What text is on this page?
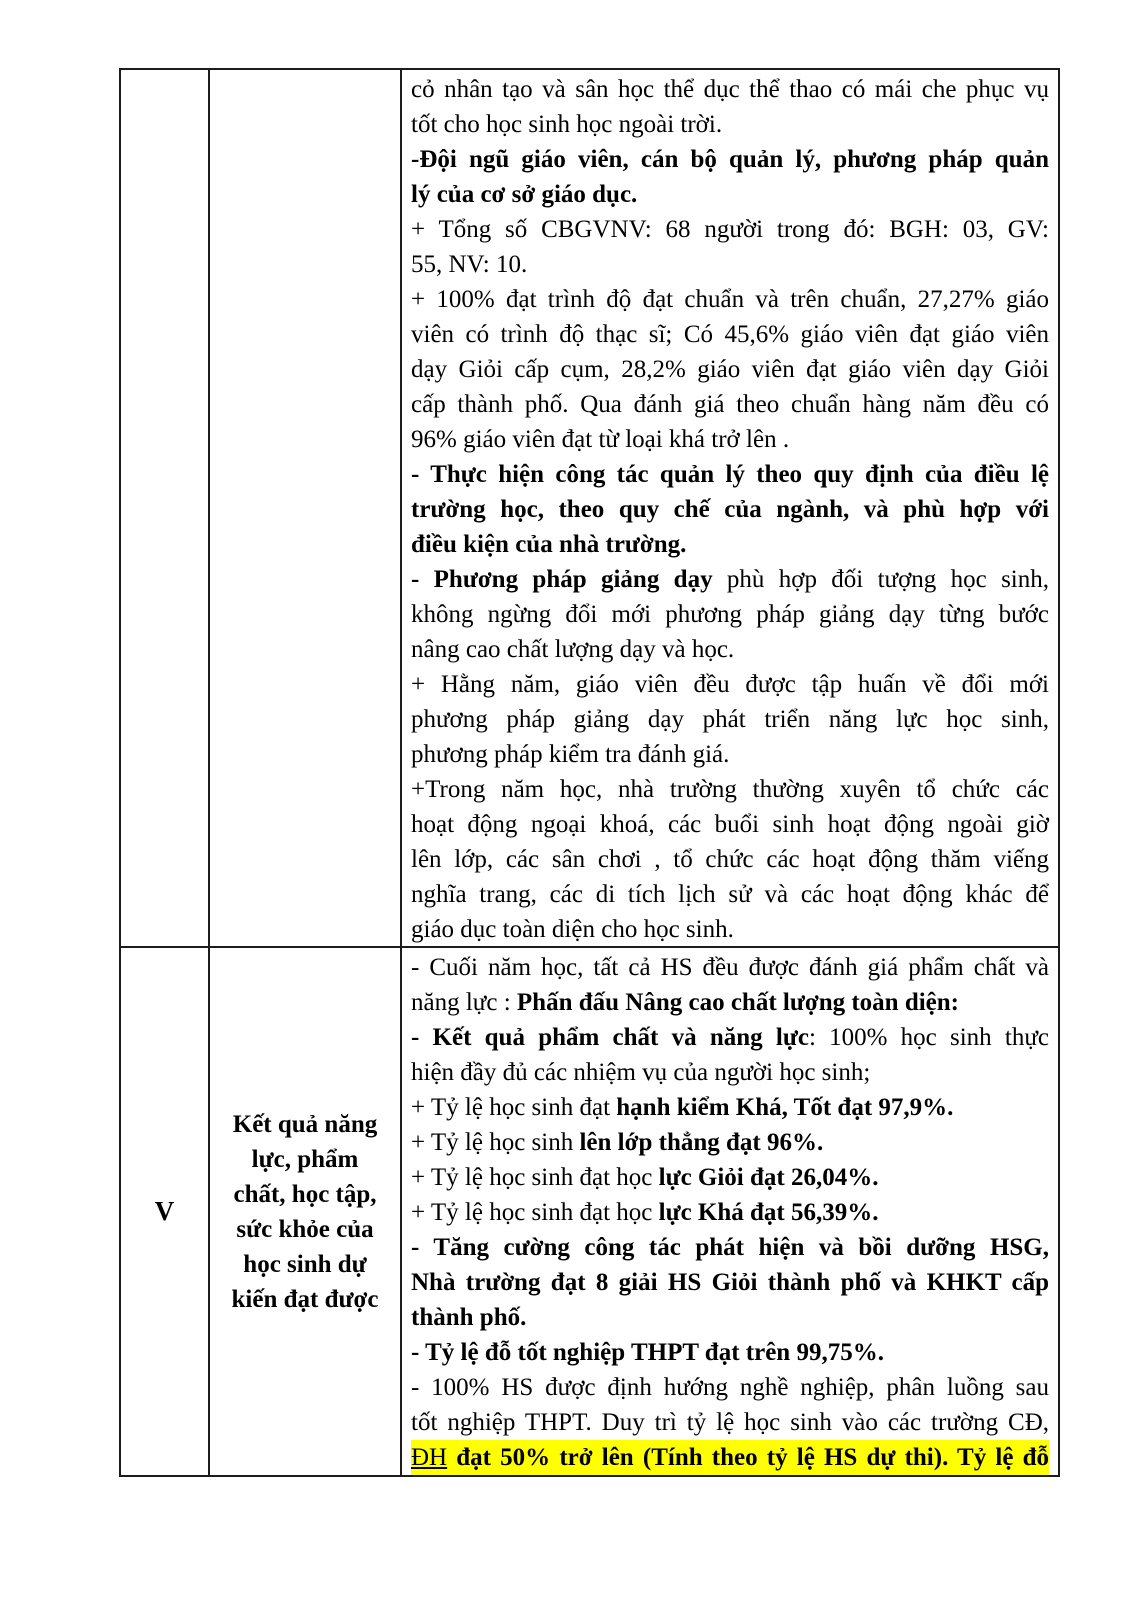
cỏ nhân tạo và sân học thể dục thể thao có mái che phục vụ
tốt cho học sinh học ngoài trời.
-Đội ngũ giáo viên, cán bộ quản lý, phương pháp quản
lý của cơ sở giáo dục.
+ Tổng số CBGVNV: 68 người trong đó: BGH: 03, GV:
55, NV: 10.
+ 100% đạt trình độ đạt chuẩn và trên chuẩn, 27,27% giáo
viên có trình độ thạc sĩ; Có 45,6% giáo viên đạt giáo viên
dạy Giỏi cấp cụm, 28,2% giáo viên đạt giáo viên dạy Giỏi
cấp thành phố. Qua đánh giá theo chuẩn hàng năm đều có
96% giáo viên đạt từ loại khá trở lên .
- Thực hiện công tác quản lý theo quy định của điều lệ
trường học, theo quy chế của ngành, và phù hợp với
điều kiện của nhà trường.
- Phương pháp giảng dạy phù hợp đối tượng học sinh,
không ngừng đổi mới phương pháp giảng dạy từng bước
nâng cao chất lượng dạy và học.
+ Hằng năm, giáo viên đều được tập huấn về đổi mới
phương pháp giảng dạy phát triển năng lực học sinh,
phương pháp kiểm tra đánh giá.
+Trong năm học, nhà trường thường xuyên tổ chức các
hoạt động ngoại khoá, các buổi sinh hoạt động ngoài giờ
lên lớp, các sân chơi , tổ chức các hoạt động thăm viếng
nghĩa trang, các di tích lịch sử và các hoạt động khác để
giáo dục toàn diện cho học sinh.
V
Kết quả năng lực, phẩm chất, học tập, sức khỏe của học sinh dự kiến đạt được
- Cuối năm học, tất cả HS đều được đánh giá phẩm chất và
năng lực : Phấn đấu Nâng cao chất lượng toàn diện:
- Kết quả phẩm chất và năng lực: 100% học sinh thực
hiện đầy đủ các nhiệm vụ của người học sinh;
+ Tỷ lệ học sinh đạt hạnh kiểm Khá, Tốt đạt 97,9%.
+ Tỷ lệ học sinh lên lớp thẳng đạt 96%.
+ Tỷ lệ học sinh đạt học lực Giỏi đạt 26,04%.
+ Tỷ lệ học sinh đạt học lực Khá đạt 56,39%.
- Tăng cường công tác phát hiện và bồi dưỡng HSG,
Nhà trường đạt 8 giải HS Giỏi thành phố và KHKT cấp
thành phố.
- Tỷ lệ đỗ tốt nghiệp THPT đạt trên 99,75%.
- 100% HS được định hướng nghề nghiệp, phân luồng sau
tốt nghiệp THPT. Duy trì tỷ lệ học sinh vào các trường CĐ,
ĐH đạt 50% trở lên (Tính theo tỷ lệ HS dự thi). Tỷ lệ đỗ
